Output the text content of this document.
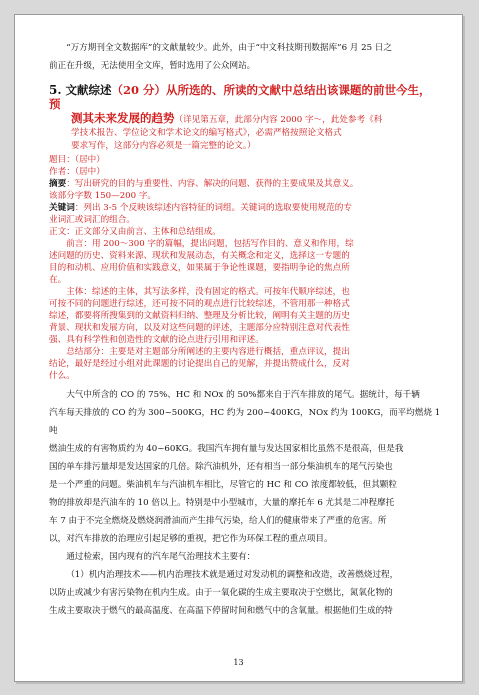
“万方期刊全文数据库”的文献量较少。此外，由于“中文科技期刊数据库”6 月 25 日之

前正在升级，无法使用全文库，暂时选用了公众网站。

5. 文献综述（20 分）从所选的、所读的文献中总结出该课题的前世今生，预
测其未来发展的趋势（详见第五章，此部分内容 2000 字～，此处参考《科

学技术报告、学位论文和学术论文的编写格式》，必需严格按照论文格式

要求写作，这部分内容必须是一篇完整的论文。）

题目：（居中）

作者：（居中）

摘要：写出研究的目的与重要性、内容、解决的问题、获得的主要成果及其意义。

该部分字数 150—200 字。

关键词：列出 3-5 个反映该综述内容特征的词组。关键词的选取要使用规范的专

业词汇或词汇的组合。

正文：正文部分又由前言、主体和总结组成。

前言：用 200～300 字的篇幅，提出问题，包括写作目的、意义和作用，综

述问题的历史、资料来源、现状和发展动态，有关概念和定义，选择这一专题的

目的和动机、应用价值和实践意义，如果属于争论性课题，要指明争论的焦点所

在。

主体：综述的主体，其写法多样，没有固定的格式。可按年代顺序综述，也

可按不同的问题进行综述，还可按不同的观点进行比较综述，不管用那一种格式

综述，都要将所搜集到的文献资料归纳、整理及分析比较，阐明有关主题的历史

背景、现状和发展方向，以及对这些问题的评述，主题部分应特别注意对代表性

强、具有科学性和创造性的文献的论点进行引用和评述。

总结部分：主要是对主题部分所阐述的主要内容进行概括，重点评议，提出

结论，最好是经过小组对此课题的讨论提出自己的见解，并提出赞成什么，反对

什么。

大气中所含的 CO 的 75%、HC 和 NOx 的 50%都来自于汽车排放的尾气。据统计，每千辆

汽车每天排放的 CO 约为 300~500KG，HC 约为 200~400KG，NOx 约为 100KG，而平均燃烧 1 吨

燃油生成的有害物质约为 40~60KG。我国汽车拥有量与发达国家相比虽然不是很高，但是我

国的单车排污量却是发达国家的几倍。除汽油机外，还有相当一部分柴油机车的尾气污染也

是一个严重的问题。柴油机车与汽油机车相比，尽管它的 HC 和 CO 浓度都较低，但其颗粒

物的排放却是汽油车的 10 倍以上。特别是中小型城市，大量的摩托车 6 尤其是二冲程摩托

车 7 由于不完全燃烧及燃烧润滑油而产生排气污染，给人们的健康带来了严重的危害。所

以，对汽车排放的治理应引起足够的重视，把它作为环保工程的重点项目。

通过检索，国内现有的汽车尾气治理技术主要有：

（1）机内治理技术——机内治理技术就是通过对发动机的调整和改造，改善燃烧过程，

以防止或减少有害污染物在机内生成。由于一氧化碳的生成主要取决于空燃比，氮氧化物的

生成主要取决于燃气的最高温度、在高温下停留时间和燃气中的含氧量。根据他们生成的特

13
